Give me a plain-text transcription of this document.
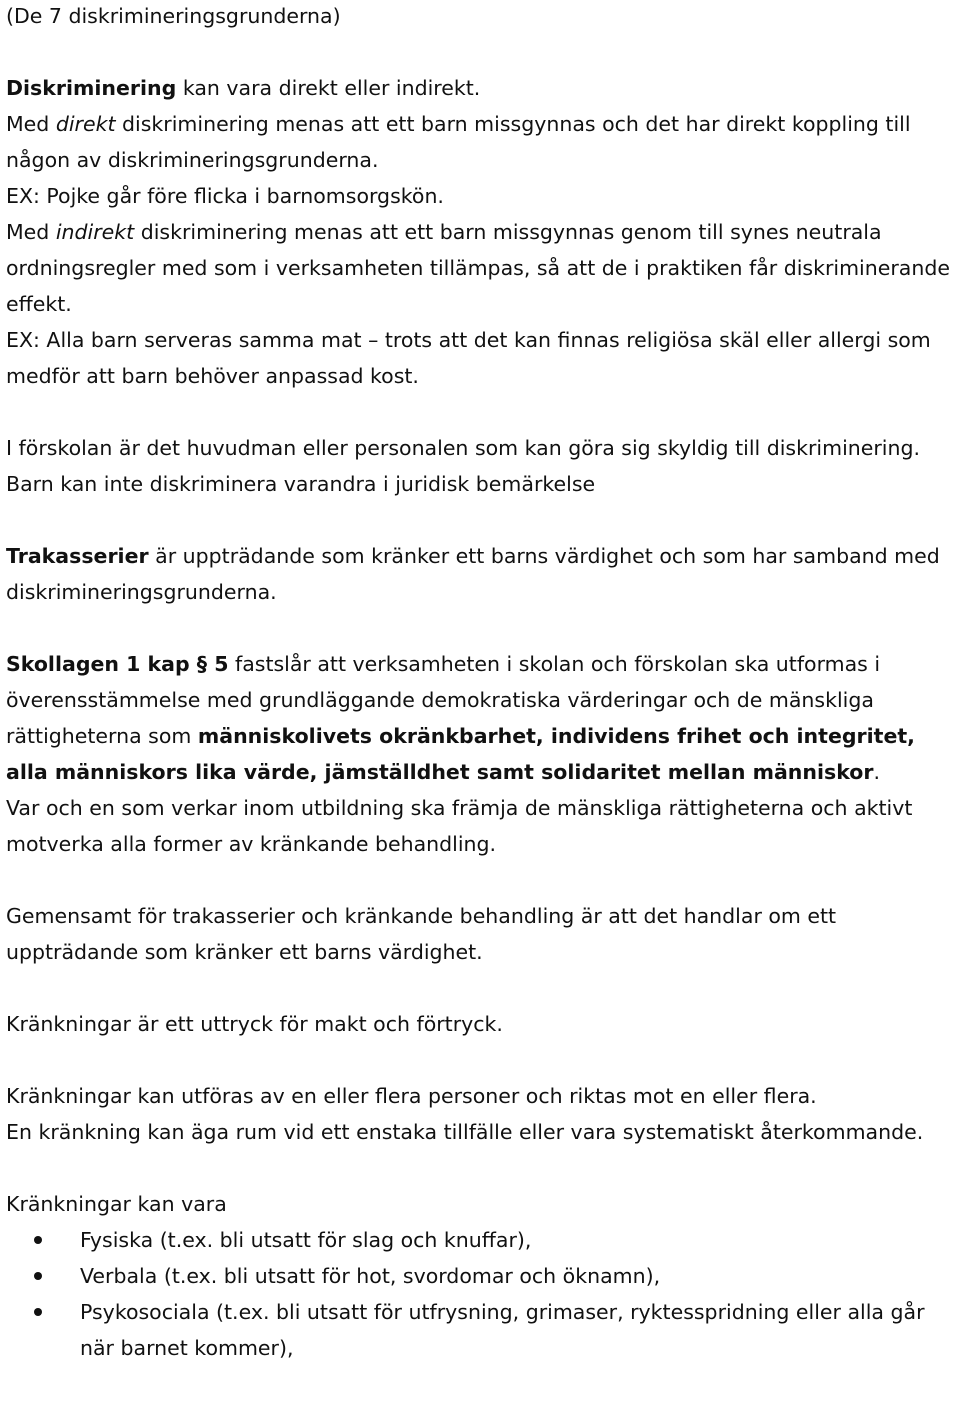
(De 7 diskrimineringsgrunderna)

Diskriminering kan vara direkt eller indirekt.

Med direkt diskriminering menas att ett barn missgynnas och det har direkt koppling till någon av diskrimineringsgrunderna.

EX: Pojke går före flicka i barnomsorgskön.

Med indirekt diskriminering menas att ett barn missgynnas genom till synes neutrala ordningsregler med som i verksamheten tillämpas, så att de i praktiken får diskriminerande effekt.

EX: Alla barn serveras samma mat – trots att det kan finnas religiösa skäl eller allergi som medför att barn behöver anpassad kost.

I förskolan är det huvudman eller personalen som kan göra sig skyldig till diskriminering. Barn kan inte diskriminera varandra i juridisk bemärkelse

Trakasserier är uppträdande som kränker ett barns värdighet och som har samband med diskrimineringsgrunderna.

Skollagen 1 kap § 5 fastslår att verksamheten i skolan och förskolan ska utformas i överensstämmelse med grundläggande demokratiska värderingar och de mänskliga rättigheterna som människolivets okränkbarhet, individens frihet och integritet, alla människors lika värde, jämställdhet samt solidaritet mellan människor.

Var och en som verkar inom utbildning ska främja de mänskliga rättigheterna och aktivt motverka alla former av kränkande behandling.

Gemensamt för trakasserier och kränkande behandling är att det handlar om ett uppträdande som kränker ett barns värdighet.

Kränkningar är ett uttryck för makt och förtryck.

Kränkningar kan utföras av en eller flera personer och riktas mot en eller flera.

En kränkning kan äga rum vid ett enstaka tillfälle eller vara systematiskt återkommande.

Kränkningar kan vara

Fysiska (t.ex. bli utsatt för slag och knuffar),
Verbala (t.ex. bli utsatt för hot, svordomar och öknamn),
Psykosociala (t.ex. bli utsatt för utfrysning, grimaser, ryktesspridning eller alla går när barnet kommer),
